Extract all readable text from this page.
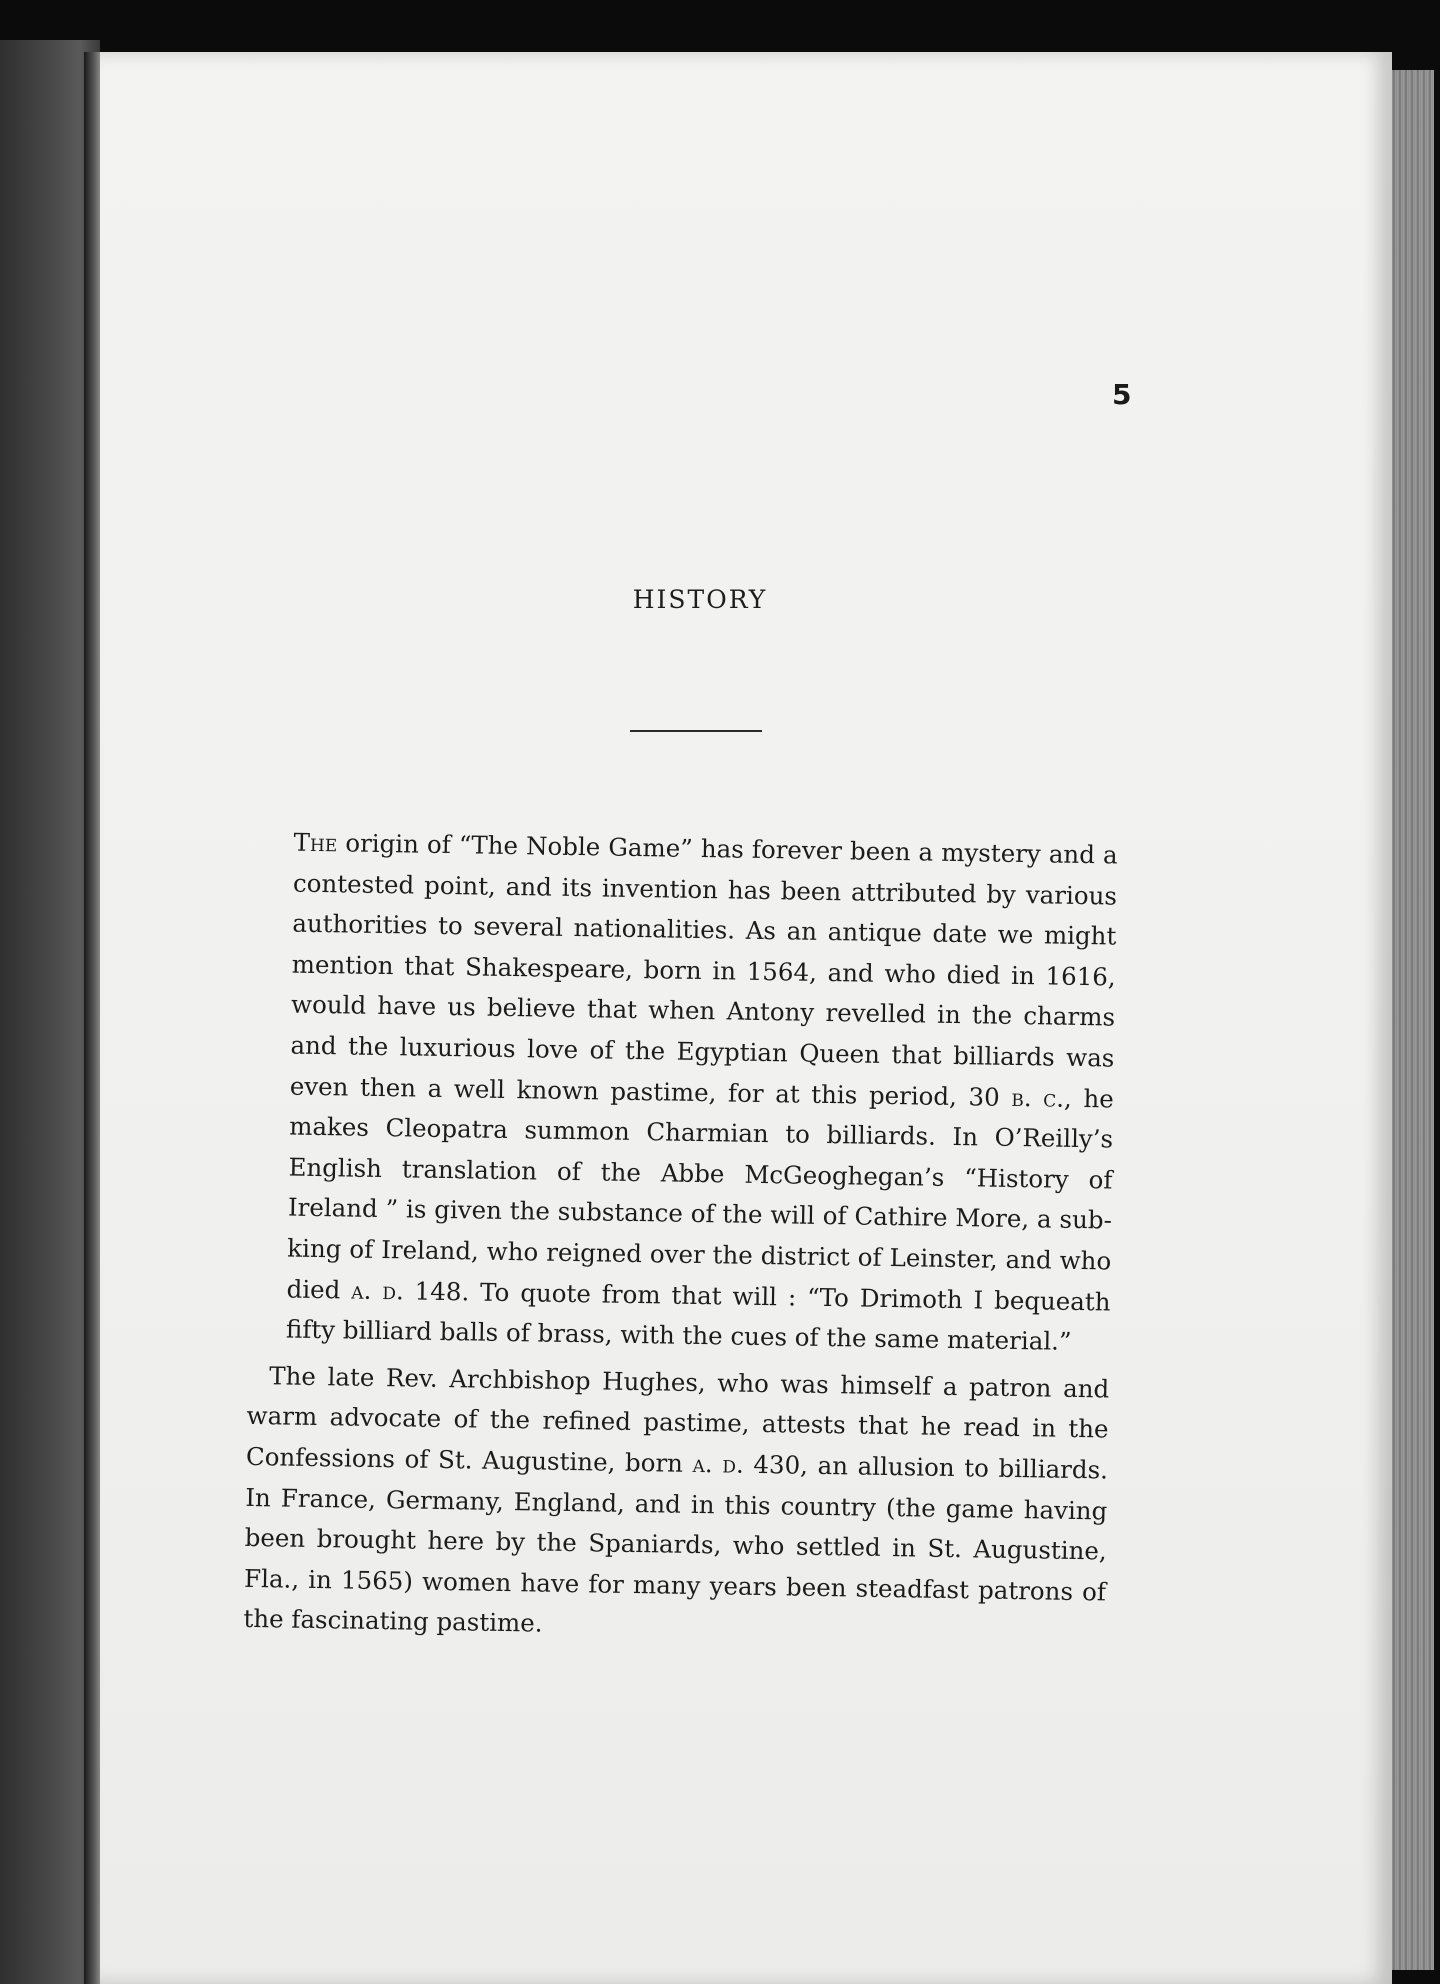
5
HISTORY

The origin of “The Noble Game” has forever been a mystery and a contested point, and its invention has been attributed by various authorities to several nationalities. As an antique date we might mention that Shakespeare, born in 1564, and who died in 1616, would have us believe that when Antony revelled in the charms and the luxurious love of the Egyptian Queen that billiards was even then a well known pastime, for at this period, 30 b. c., he makes Cleopatra summon Charmian to billiards. In O’Reilly’s English translation of the Abbe McGeoghegan’s “History of Ireland ” is given the substance of the will of Cathire More, a sub-king of Ireland, who reigned over the district of Leinster, and who died a. d. 148. To quote from that will : “To Drimoth I bequeath fifty billiard balls of brass, with the cues of the same material.”

The late Rev. Archbishop Hughes, who was himself a patron and warm advocate of the refined pastime, attests that he read in the Confessions of St. Augustine, born a. d. 430, an allusion to billiards. In France, Germany, England, and in this country (the game having been brought here by the Spaniards, who settled in St. Augustine, Fla., in 1565) women have for many years been steadfast patrons of the fascinating pastime.
